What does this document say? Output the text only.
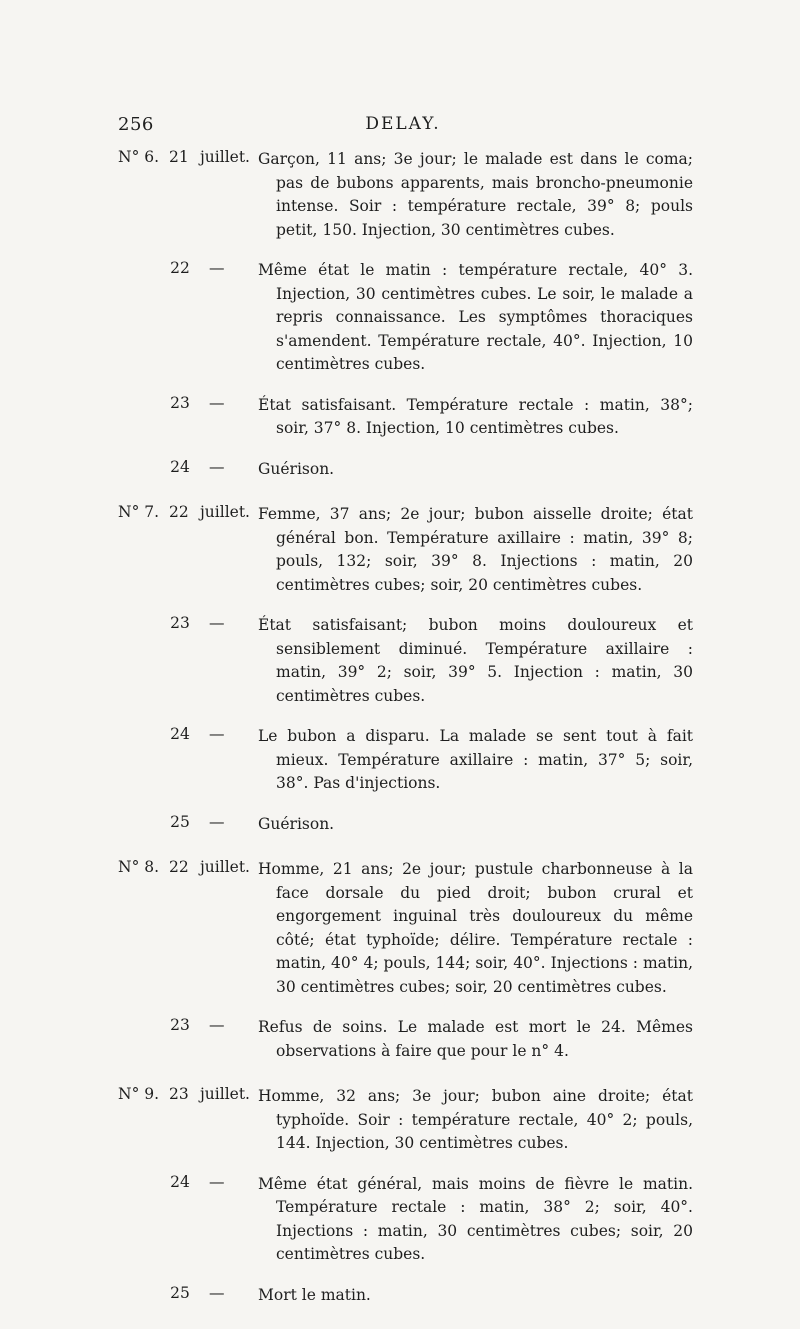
256	DELAY.
N° 6. 21 juillet. Garçon, 11 ans; 3e jour; le malade est dans le coma; pas de bubons apparents, mais broncho-pneumonie intense. Soir : température rectale, 39° 8; pouls petit, 150. Injection, 30 centimètres cubes.

22 — Même état le matin : température rectale, 40° 3. Injection, 30 centimètres cubes. Le soir, le malade a repris connaissance. Les symptômes thoraciques s'amendent. Température rectale, 40°. Injection, 10 centimètres cubes.

23 — État satisfaisant. Température rectale : matin, 38°; soir, 37° 8. Injection, 10 centimètres cubes.

24 — Guérison.

N° 7. 22 juillet. Femme, 37 ans; 2e jour; bubon aisselle droite; état général bon. Température axillaire : matin, 39° 8; pouls, 132; soir, 39° 8. Injections : matin, 20 centimètres cubes; soir, 20 centimètres cubes.

23 — État satisfaisant; bubon moins douloureux et sensiblement diminué. Température axillaire : matin, 39° 2; soir, 39° 5. Injection : matin, 30 centimètres cubes.

24 — Le bubon a disparu. La malade se sent tout à fait mieux. Température axillaire : matin, 37° 5; soir, 38°. Pas d'injections.

25 — Guérison.

N° 8. 22 juillet. Homme, 21 ans; 2e jour; pustule charbonneuse à la face dorsale du pied droit; bubon crural et engorgement inguinal très douloureux du même côté; état typhoïde; délire. Température rectale : matin, 40° 4; pouls, 144; soir, 40°. Injections : matin, 30 centimètres cubes; soir, 20 centimètres cubes.

23 — Refus de soins. Le malade est mort le 24. Mêmes observations à faire que pour le n° 4.

N° 9. 23 juillet. Homme, 32 ans; 3e jour; bubon aine droite; état typhoïde. Soir : température rectale, 40° 2; pouls, 144. Injection, 30 centimètres cubes.

24 — Même état général, mais moins de fièvre le matin. Température rectale : matin, 38° 2; soir, 40°. Injections : matin, 30 centimètres cubes; soir, 20 centimètres cubes.

25 — Mort le matin.
